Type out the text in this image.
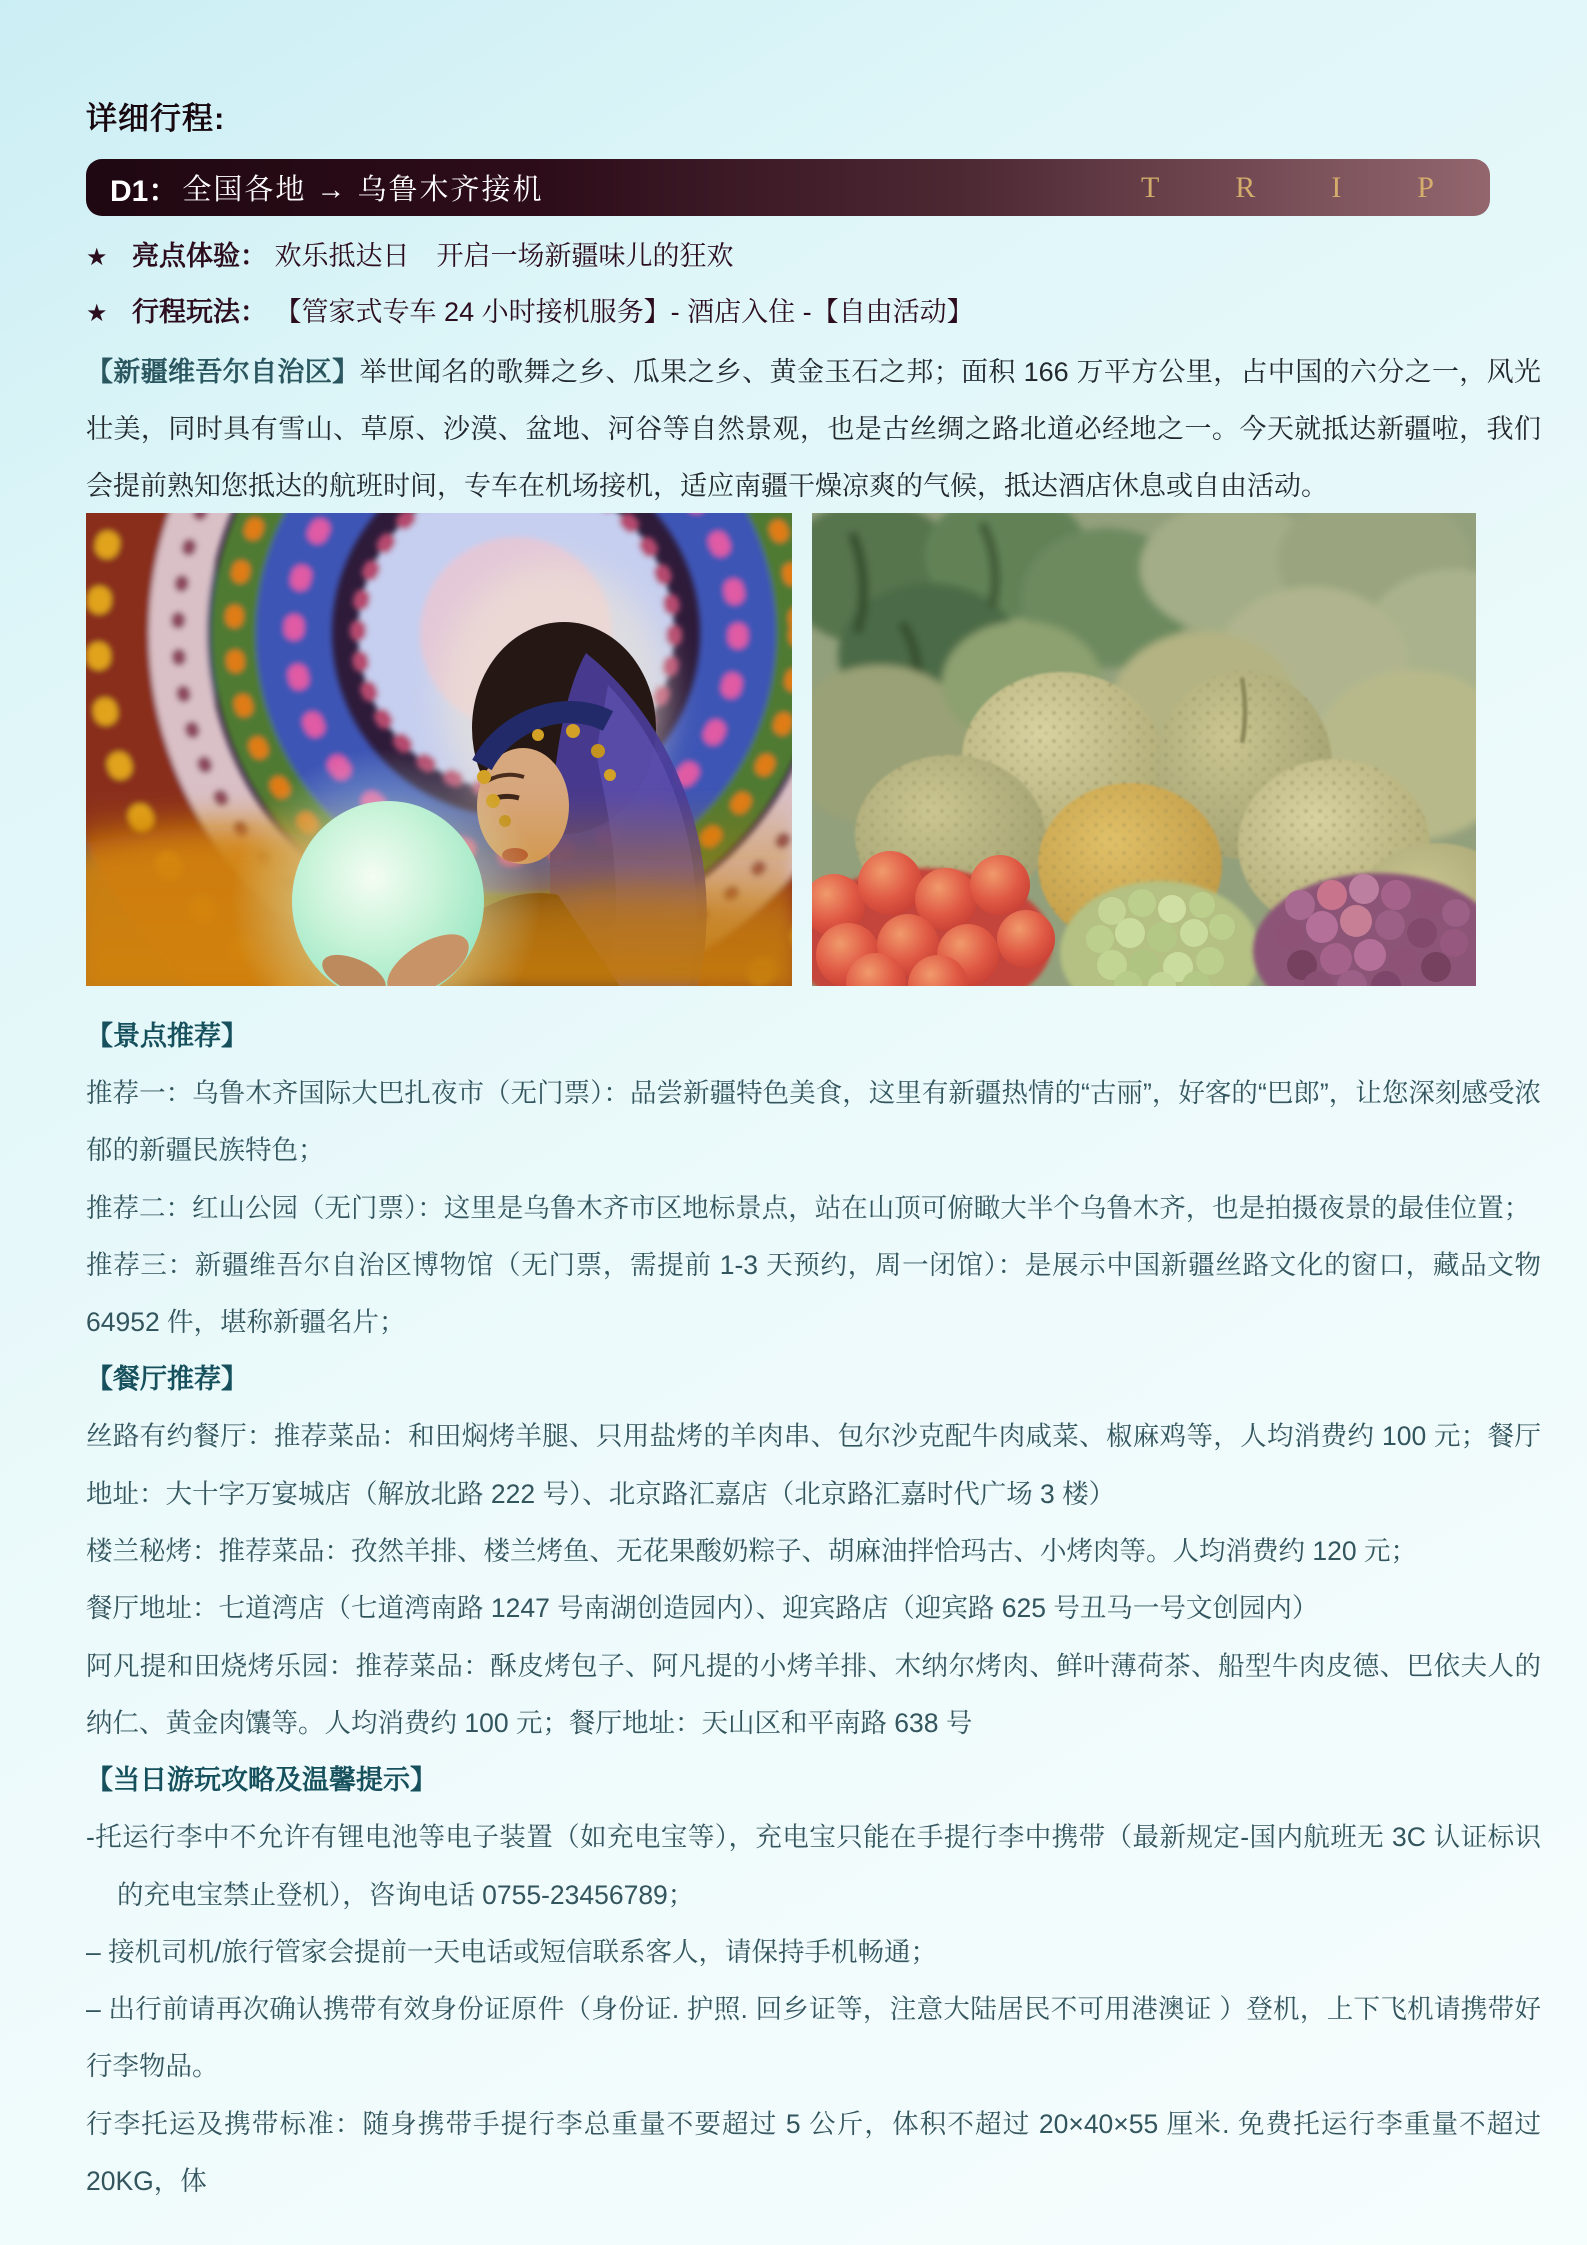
详细行程:
D1： 全国各地 → 乌鲁木齐接机	TRIP

★ 亮点体验： 欢乐抵达日　开启一场新疆味儿的狂欢

★ 行程玩法： 【管家式专车 24 小时接机服务】- 酒店入住 -【自由活动】

【新疆维吾尔自治区】举世闻名的歌舞之乡、瓜果之乡、黄金玉石之邦；面积 166 万平方公里，占中国的六分之一，风光壮美，同时具有雪山、草原、沙漠、盆地、河谷等自然景观，也是古丝绸之路北道必经地之一。今天就抵达新疆啦，我们会提前熟知您抵达的航班时间，专车在机场接机，适应南疆干燥凉爽的气候，抵达酒店休息或自由活动。

【景点推荐】

推荐一：乌鲁木齐国际大巴扎夜市（无门票）：品尝新疆特色美食，这里有新疆热情的“古丽”，好客的“巴郎”，让您深刻感受浓郁的新疆民族特色；

推荐二：红山公园（无门票）：这里是乌鲁木齐市区地标景点，站在山顶可俯瞰大半个乌鲁木齐，也是拍摄夜景的最佳位置；

推荐三：新疆维吾尔自治区博物馆（无门票，需提前 1-3 天预约，周一闭馆）：是展示中国新疆丝路文化的窗口，藏品文物 64952 件，堪称新疆名片；

【餐厅推荐】

丝路有约餐厅：推荐菜品：和田焖烤羊腿、只用盐烤的羊肉串、包尔沙克配牛肉咸菜、椒麻鸡等，人均消费约 100 元；餐厅地址：大十字万宴城店（解放北路 222 号）、北京路汇嘉店（北京路汇嘉时代广场 3 楼）

楼兰秘烤：推荐菜品：孜然羊排、楼兰烤鱼、无花果酸奶粽子、胡麻油拌恰玛古、小烤肉等。人均消费约 120 元；

餐厅地址：七道湾店（七道湾南路 1247 号南湖创造园内）、迎宾路店（迎宾路 625 号丑马一号文创园内）

阿凡提和田烧烤乐园：推荐菜品：酥皮烤包子、阿凡提的小烤羊排、木纳尔烤肉、鲜叶薄荷茶、船型牛肉皮德、巴依夫人的纳仁、黄金肉馕等。人均消费约 100 元；餐厅地址：天山区和平南路 638 号

【当日游玩攻略及温馨提示】

-托运行李中不允许有锂电池等电子装置（如充电宝等），充电宝只能在手提行李中携带（最新规定-国内航班无 3C 认证标识的充电宝禁止登机），咨询电话 0755-23456789；

– 接机司机/旅行管家会提前一天电话或短信联系客人，请保持手机畅通；

– 出行前请再次确认携带有效身份证原件（身份证. 护照. 回乡证等，注意大陆居民不可用港澳证 ）登机，上下飞机请携带好行李物品。

行李托运及携带标准：随身携带手提行李总重量不要超过 5 公斤，体积不超过 20×40×55 厘米. 免费托运行李重量不超过 20KG，体
